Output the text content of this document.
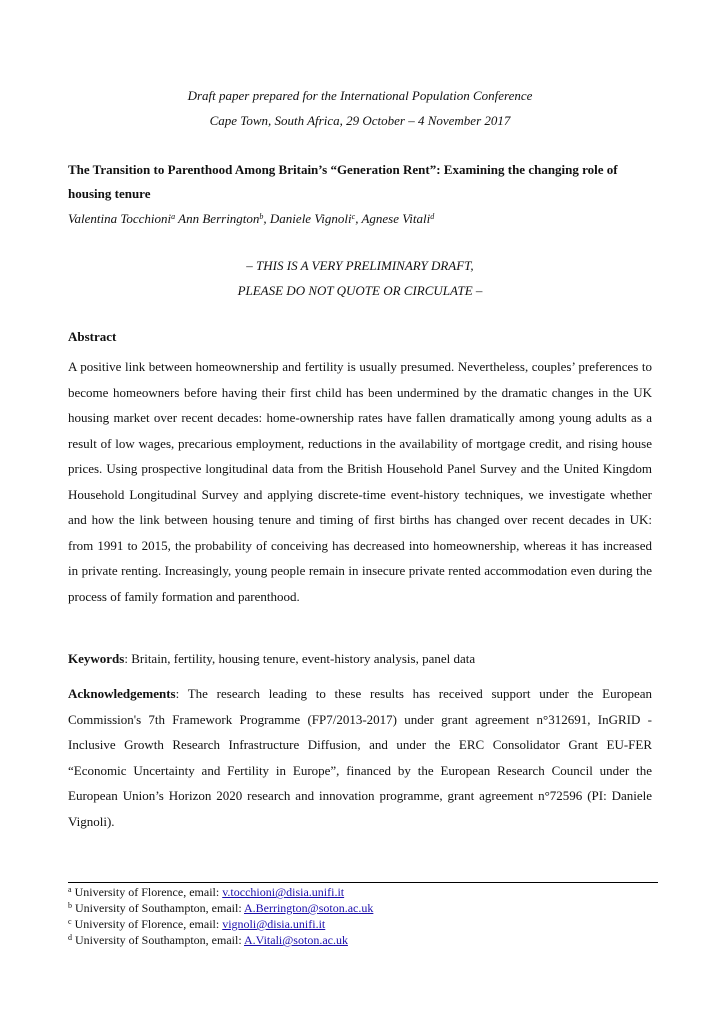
Draft paper prepared for the International Population Conference
Cape Town, South Africa, 29 October – 4 November 2017
The Transition to Parenthood Among Britain’s “Generation Rent”: Examining the changing role of housing tenure
Valentina Tocchioni$^a$ Ann Berrington$^b$, Daniele Vignoli$^c$, Agnese Vitali$^d$
– THIS IS A VERY PRELIMINARY DRAFT,
PLEASE DO NOT QUOTE OR CIRCULATE –
Abstract

A positive link between homeownership and fertility is usually presumed. Nevertheless, couples’ preferences to become homeowners before having their first child has been undermined by the dramatic changes in the UK housing market over recent decades: home-ownership rates have fallen dramatically among young adults as a result of low wages, precarious employment, reductions in the availability of mortgage credit, and rising house prices. Using prospective longitudinal data from the British Household Panel Survey and the United Kingdom Household Longitudinal Survey and applying discrete-time event-history techniques, we investigate whether and how the link between housing tenure and timing of first births has changed over recent decades in UK: from 1991 to 2015, the probability of conceiving has decreased into homeownership, whereas it has increased in private renting. Increasingly, young people remain in insecure private rented accommodation even during the process of family formation and parenthood.

Keywords: Britain, fertility, housing tenure, event-history analysis, panel data

Acknowledgements: The research leading to these results has received support under the European Commission's 7th Framework Programme (FP7/2013-2017) under grant agreement n°312691, InGRID - Inclusive Growth Research Infrastructure Diffusion, and under the ERC Consolidator Grant EU-FER “Economic Uncertainty and Fertility in Europe”, financed by the European Research Council under the European Union’s Horizon 2020 research and innovation programme, grant agreement n°72596 (PI: Daniele Vignoli).

$^a$ University of Florence, email: v.tocchioni@disia.unifi.it
$^b$ University of Southampton, email: A.Berrington@soton.ac.uk
$^c$ University of Florence, email: vignoli@disia.unifi.it
$^d$ University of Southampton, email: A.Vitali@soton.ac.uk
